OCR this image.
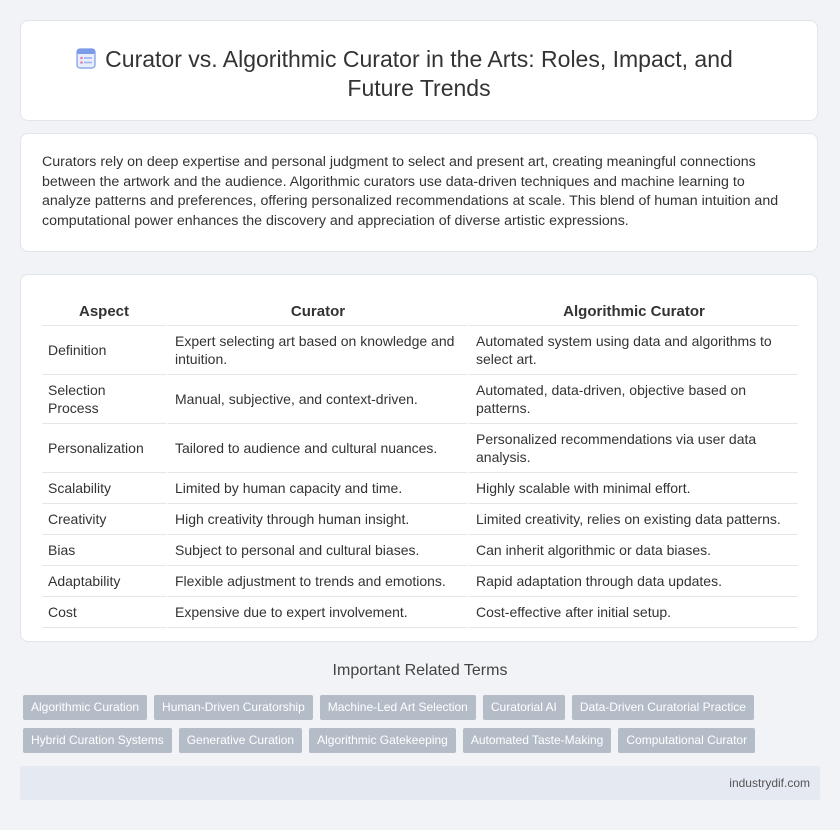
Curator vs. Algorithmic Curator in the Arts: Roles, Impact, and Future Trends
Curators rely on deep expertise and personal judgment to select and present art, creating meaningful connections between the artwork and the audience. Algorithmic curators use data-driven techniques and machine learning to analyze patterns and preferences, offering personalized recommendations at scale. This blend of human intuition and computational power enhances the discovery and appreciation of diverse artistic expressions.
Aspect	Curator	Algorithmic Curator
Definition	Expert selecting art based on knowledge and intuition.	Automated system using data and algorithms to select art.
Selection Process	Manual, subjective, and context-driven.	Automated, data-driven, objective based on patterns.
Personalization	Tailored to audience and cultural nuances.	Personalized recommendations via user data analysis.
Scalability	Limited by human capacity and time.	Highly scalable with minimal effort.
Creativity	High creativity through human insight.	Limited creativity, relies on existing data patterns.
Bias	Subject to personal and cultural biases.	Can inherit algorithmic or data biases.
Adaptability	Flexible adjustment to trends and emotions.	Rapid adaptation through data updates.
Cost	Expensive due to expert involvement.	Cost-effective after initial setup.
Important Related Terms
Algorithmic Curation	Human-Driven Curatorship	Machine-Led Art Selection	Curatorial AI	Data-Driven Curatorial Practice
Hybrid Curation Systems	Generative Curation	Algorithmic Gatekeeping	Automated Taste-Making	Computational Curator
industrydif.com
